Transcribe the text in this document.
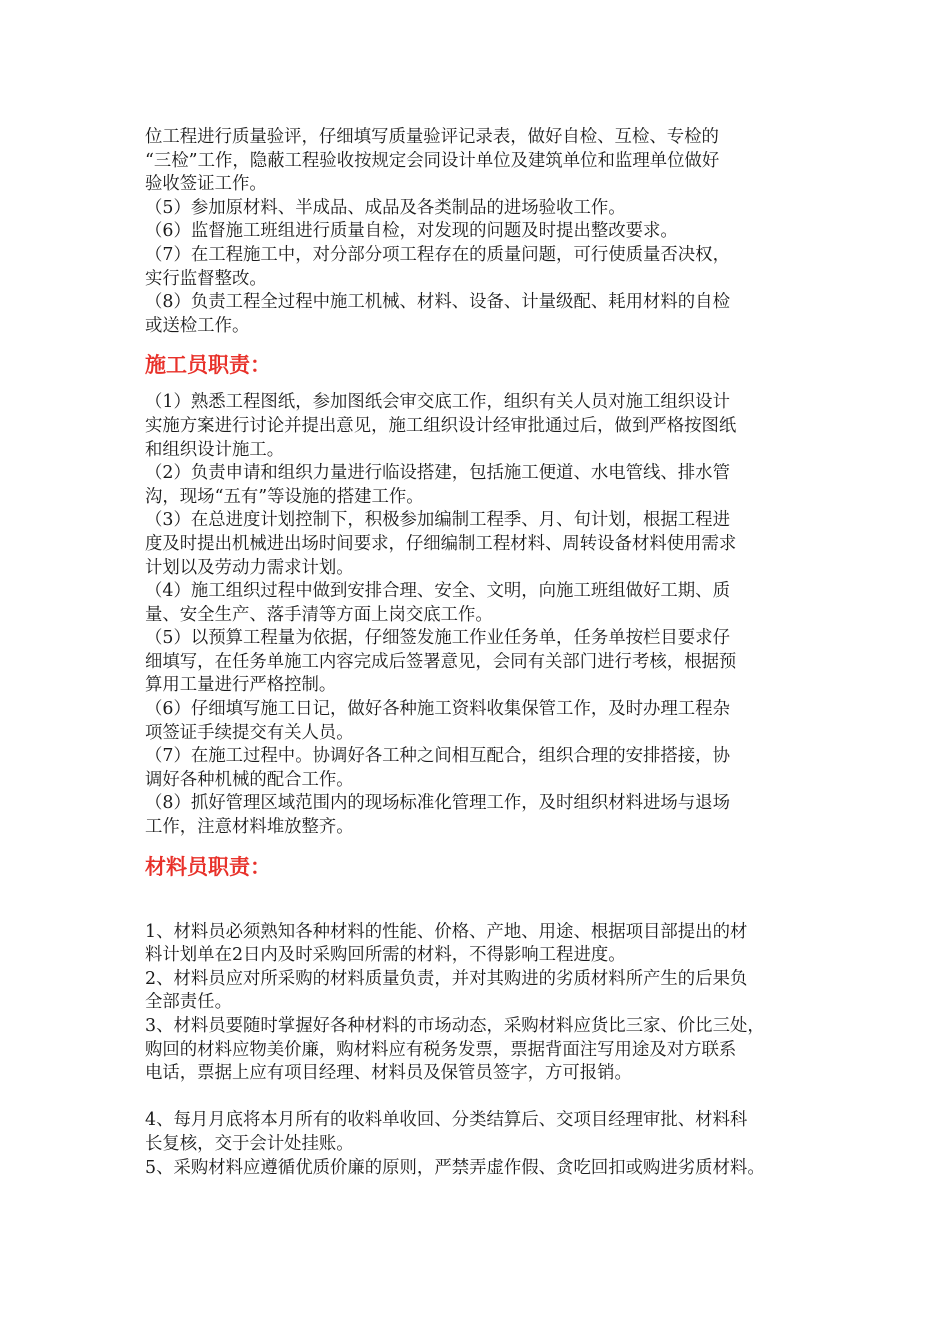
位工程进行质量验评，仔细填写质量验评记录表，做好自检、互检、专检的

“三检”工作，隐蔽工程验收按规定会同设计单位及建筑单位和监理单位做好

验收签证工作。

（5）参加原材料、半成品、成品及各类制品的进场验收工作。

（6）监督施工班组进行质量自检，对发现的问题及时提出整改要求。

（7）在工程施工中，对分部分项工程存在的质量问题，可行使质量否决权，

实行监督整改。

（8）负责工程全过程中施工机械、材料、设备、计量级配、耗用材料的自检

或送检工作。

施工员职责：

（1）熟悉工程图纸，参加图纸会审交底工作，组织有关人员对施工组织设计

实施方案进行讨论并提出意见，施工组织设计经审批通过后，做到严格按图纸

和组织设计施工。

（2）负责申请和组织力量进行临设搭建，包括施工便道、水电管线、排水管

沟，现场“五有”等设施的搭建工作。

（3）在总进度计划控制下，积极参加编制工程季、月、旬计划，根据工程进

度及时提出机械进出场时间要求，仔细编制工程材料、周转设备材料使用需求

计划以及劳动力需求计划。

（4）施工组织过程中做到安排合理、安全、文明，向施工班组做好工期、质

量、安全生产、落手清等方面上岗交底工作。

（5）以预算工程量为依据，仔细签发施工作业任务单，任务单按栏目要求仔

细填写，在任务单施工内容完成后签署意见，会同有关部门进行考核，根据预

算用工量进行严格控制。

（6）仔细填写施工日记，做好各种施工资料收集保管工作，及时办理工程杂

项签证手续提交有关人员。

（7）在施工过程中。协调好各工种之间相互配合，组织合理的安排搭接，协

调好各种机械的配合工作。

（8）抓好管理区域范围内的现场标准化管理工作，及时组织材料进场与退场

工作，注意材料堆放整齐。

材料员职责：

1、材料员必须熟知各种材料的性能、价格、产地、用途、根据项目部提出的材

料计划单在2日内及时采购回所需的材料，不得影响工程进度。

2、材料员应对所采购的材料质量负责，并对其购进的劣质材料所产生的后果负

全部责任。

3、材料员要随时掌握好各种材料的市场动态，采购材料应货比三家、价比三处，

购回的材料应物美价廉，购材料应有税务发票，票据背面注写用途及对方联系

电话，票据上应有项目经理、材料员及保管员签字，方可报销。

4、每月月底将本月所有的收料单收回、分类结算后、交项目经理审批、材料科

长复核，交于会计处挂账。

5、采购材料应遵循优质价廉的原则，严禁弄虚作假、贪吃回扣或购进劣质材料。
